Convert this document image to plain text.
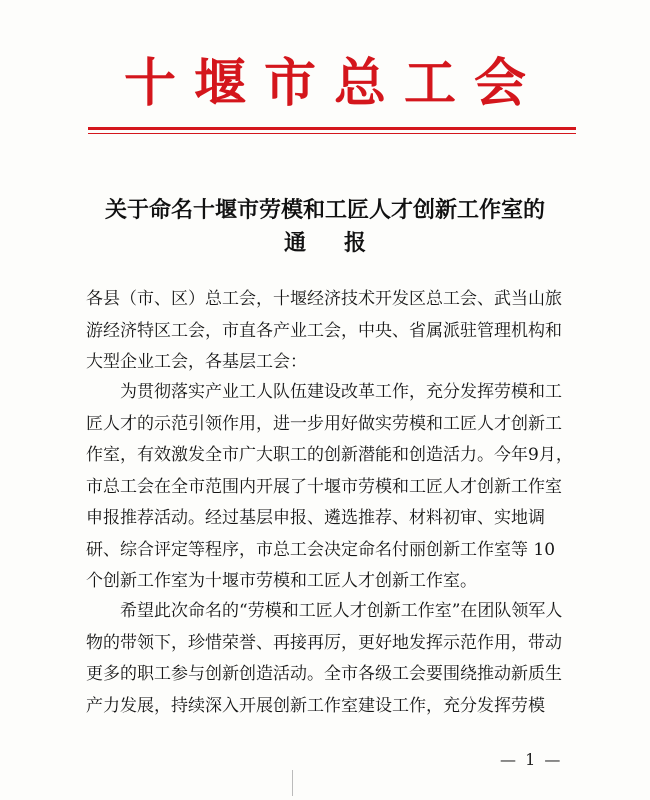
十堰市总工会
关于命名十堰市劳模和工匠人才创新工作室的
通报
各县（市、区）总工会，十堰经济技术开发区总工会、武当山旅游经济特区工会，市直各产业工会，中央、省属派驻管理机构和大型企业工会，各基层工会：
为贯彻落实产业工人队伍建设改革工作，充分发挥劳模和工匠人才的示范引领作用，进一步用好做实劳模和工匠人才创新工作室，有效激发全市广大职工的创新潜能和创造活力。今年9月，市总工会在全市范围内开展了十堰市劳模和工匠人才创新工作室申报推荐活动。经过基层申报、遴选推荐、材料初审、实地调研、综合评定等程序，市总工会决定命名付丽创新工作室等 10 个创新工作室为十堰市劳模和工匠人才创新工作室。
希望此次命名的“劳模和工匠人才创新工作室”在团队领军人物的带领下，珍惜荣誉、再接再厉，更好地发挥示范作用，带动更多的职工参与创新创造活动。全市各级工会要围绕推动新质生产力发展，持续深入开展创新工作室建设工作，充分发挥劳模
— 1 —
